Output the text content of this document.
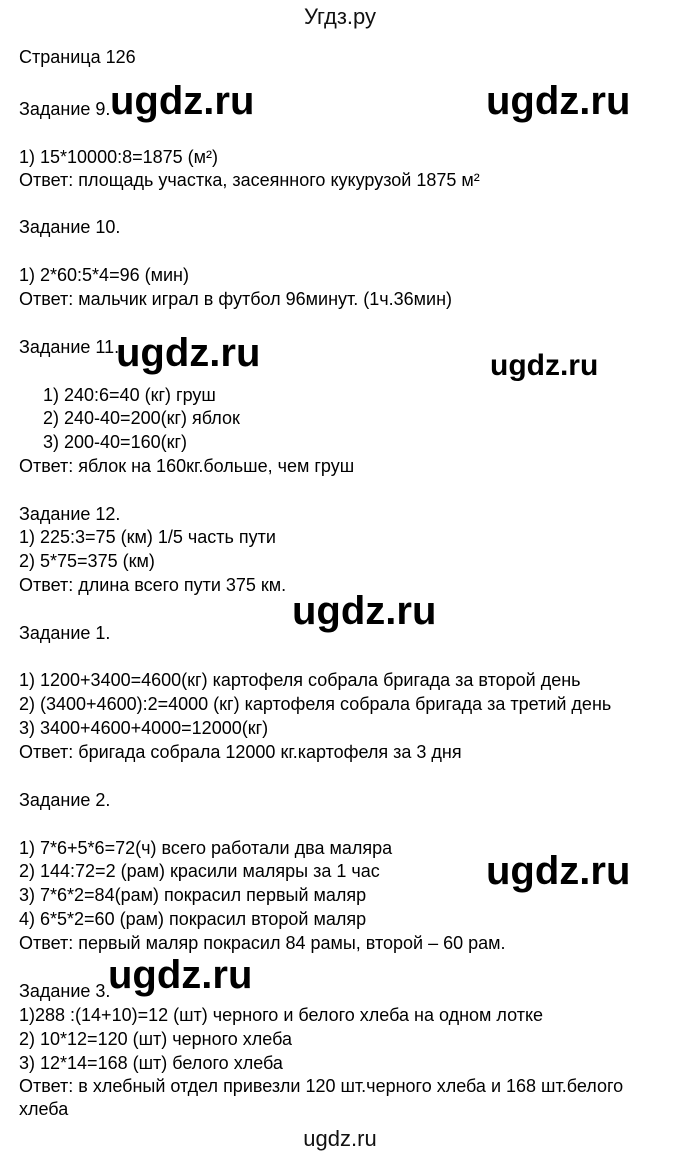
Угдз.ру
Страница 126
Задание 9.
1) 15*10000:8=1875 (м²)
Ответ: площадь участка, засеянного кукурузой 1875 м²
Задание 10.
1) 2*60:5*4=96 (мин)
Ответ: мальчик играл в футбол 96минут. (1ч.36мин)
Задание 11.
1) 240:6=40 (кг) груш
2) 240-40=200(кг) яблок
3) 200-40=160(кг)
Ответ: яблок на 160кг.больше, чем груш
Задание 12.
1) 225:3=75 (км) 1/5 часть пути
2) 5*75=375 (км)
Ответ: длина всего пути 375 км.
Задание 1.
1) 1200+3400=4600(кг) картофеля собрала бригада за второй день
2) (3400+4600):2=4000 (кг) картофеля собрала бригада за третий день
3) 3400+4600+4000=12000(кг)
Ответ: бригада собрала 12000 кг.картофеля за 3 дня
Задание 2.
1) 7*6+5*6=72(ч) всего работали два маляра
2) 144:72=2 (рам) красили маляры за 1 час
3) 7*6*2=84(рам) покрасил первый маляр
4) 6*5*2=60 (рам) покрасил второй маляр
Ответ: первый маляр покрасил 84 рамы, второй – 60 рам.
Задание 3.
1)288 :(14+10)=12 (шт) черного и белого хлеба на одном лотке
2) 10*12=120 (шт) черного хлеба
3) 12*14=168 (шт) белого хлеба
Ответ: в хлебный отдел привезли 120 шт.черного хлеба и 168 шт.белого
хлеба
ugdz.ru	ugdz.ru
ugdz.ru	ugdz.ru
ugdz.ru
ugdz.ru
ugdz.ru
ugdz.ru
